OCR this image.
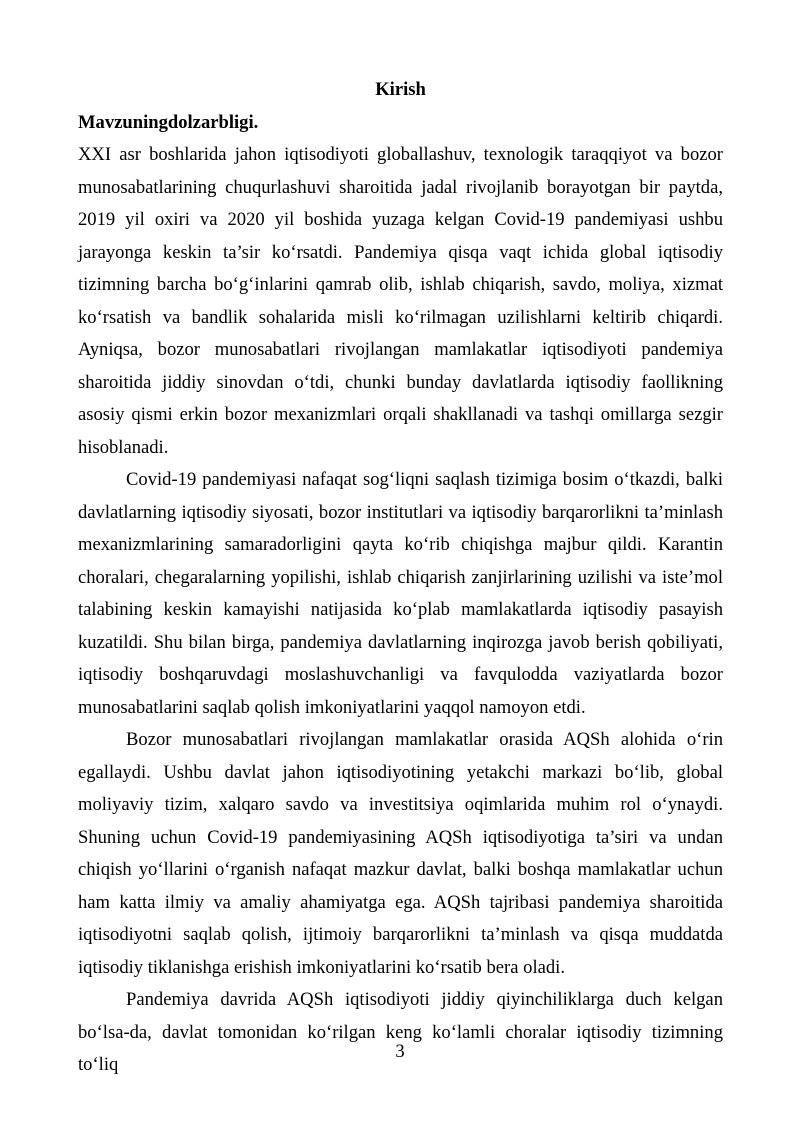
Kirish

Mavzuningdolzarbligi.

XXI asr boshlarida jahon iqtisodiyoti globallashuv, texnologik taraqqiyot va bozor munosabatlarining chuqurlashuvi sharoitida jadal rivojlanib borayotgan bir paytda, 2019 yil oxiri va 2020 yil boshida yuzaga kelgan Covid-19 pandemiyasi ushbu jarayonga keskin ta’sir ko‘rsatdi. Pandemiya qisqa vaqt ichida global iqtisodiy tizimning barcha bo‘g‘inlarini qamrab olib, ishlab chiqarish, savdo, moliya, xizmat ko‘rsatish va bandlik sohalarida misli ko‘rilmagan uzilishlarni keltirib chiqardi. Ayniqsa, bozor munosabatlari rivojlangan mamlakatlar iqtisodiyoti pandemiya sharoitida jiddiy sinovdan o‘tdi, chunki bunday davlatlarda iqtisodiy faollikning asosiy qismi erkin bozor mexanizmlari orqali shakllanadi va tashqi omillarga sezgir hisoblanadi.

Covid-19 pandemiyasi nafaqat sog‘liqni saqlash tizimiga bosim o‘tkazdi, balki davlatlarning iqtisodiy siyosati, bozor institutlari va iqtisodiy barqarorlikni ta’minlash mexanizmlarining samaradorligini qayta ko‘rib chiqishga majbur qildi. Karantin choralari, chegaralarning yopilishi, ishlab chiqarish zanjirlarining uzilishi va iste’mol talabining keskin kamayishi natijasida ko‘plab mamlakatlarda iqtisodiy pasayish kuzatildi. Shu bilan birga, pandemiya davlatlarning inqirozga javob berish qobiliyati, iqtisodiy boshqaruvdagi moslashuvchanligi va favqulodda vaziyatlarda bozor munosabatlarini saqlab qolish imkoniyatlarini yaqqol namoyon etdi.

Bozor munosabatlari rivojlangan mamlakatlar orasida AQSh alohida o‘rin egallaydi. Ushbu davlat jahon iqtisodiyotining yetakchi markazi bo‘lib, global moliyaviy tizim, xalqaro savdo va investitsiya oqimlarida muhim rol o‘ynaydi. Shuning uchun Covid-19 pandemiyasining AQSh iqtisodiyotiga ta’siri va undan chiqish yo‘llarini o‘rganish nafaqat mazkur davlat, balki boshqa mamlakatlar uchun ham katta ilmiy va amaliy ahamiyatga ega. AQSh tajribasi pandemiya sharoitida iqtisodiyotni saqlab qolish, ijtimoiy barqarorlikni ta’minlash va qisqa muddatda iqtisodiy tiklanishga erishish imkoniyatlarini ko‘rsatib bera oladi.

Pandemiya davrida AQSh iqtisodiyoti jiddiy qiyinchiliklarga duch kelgan bo‘lsa-da, davlat tomonidan ko‘rilgan keng ko‘lamli choralar iqtisodiy tizimning to‘liq

3
